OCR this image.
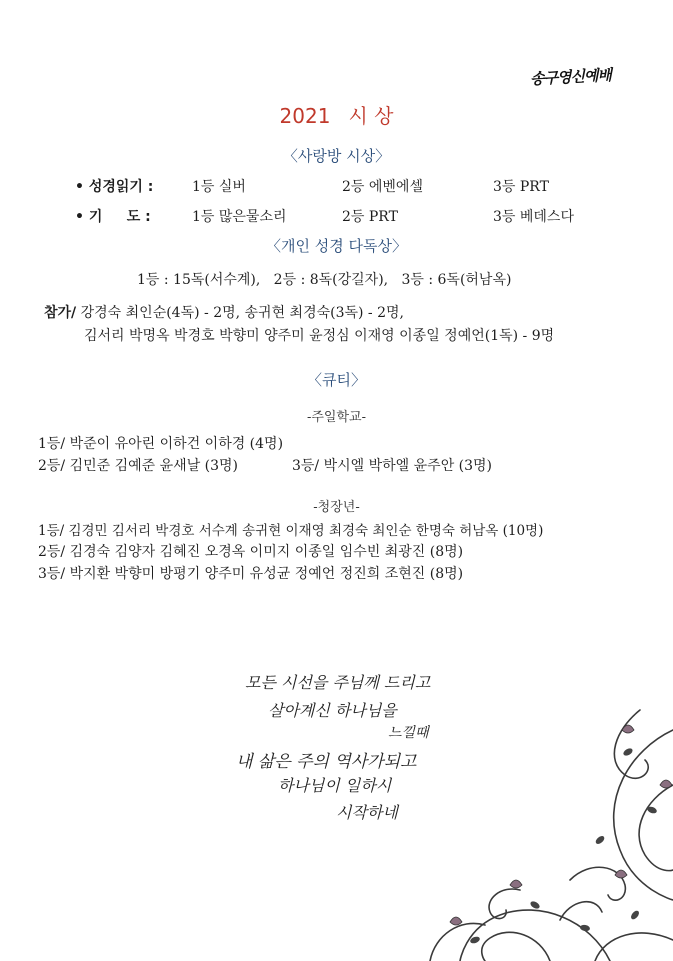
송구영신예배
2021 시 상
〈사랑방 시상〉
• 성경읽기 :	1등 실버	2등 에벤에셀	3등 PRT
• 기     도 :	1등 많은물소리	2등 PRT	3등 베데스다
〈개인 성경 다독상〉
1등 : 15독(서수계),   2등 : 8독(강길자),   3등 : 6독(허남옥)
참가/ 강경숙 최인순(4독) - 2명, 송귀현 최경숙(3독) - 2명,
김서리 박명옥 박경호 박향미 양주미 윤정심 이재영 이종일 정예언(1독) - 9명
〈큐티〉
-주일학교-
1등/ 박준이 유아린 이하건 이하경 (4명)
2등/ 김민준 김예준 윤새날 (3명)	3등/ 박시엘 박하엘 윤주안 (3명)
-청장년-
1등/ 김경민 김서리 박경호 서수계 송귀현 이재영 최경숙 최인순 한명숙 허남옥 (10명)
2등/ 김경숙 김양자 김혜진 오경옥 이미지 이종일 임수빈 최광진 (8명)
3등/ 박지환 박향미 방평기 양주미 유성균 정예언 정진희 조현진 (8명)
모든 시선을 주님께 드리고
살아계신 하나님을
느낄때
내 삶은 주의 역사가되고
하나님이 일하시
시작하네
